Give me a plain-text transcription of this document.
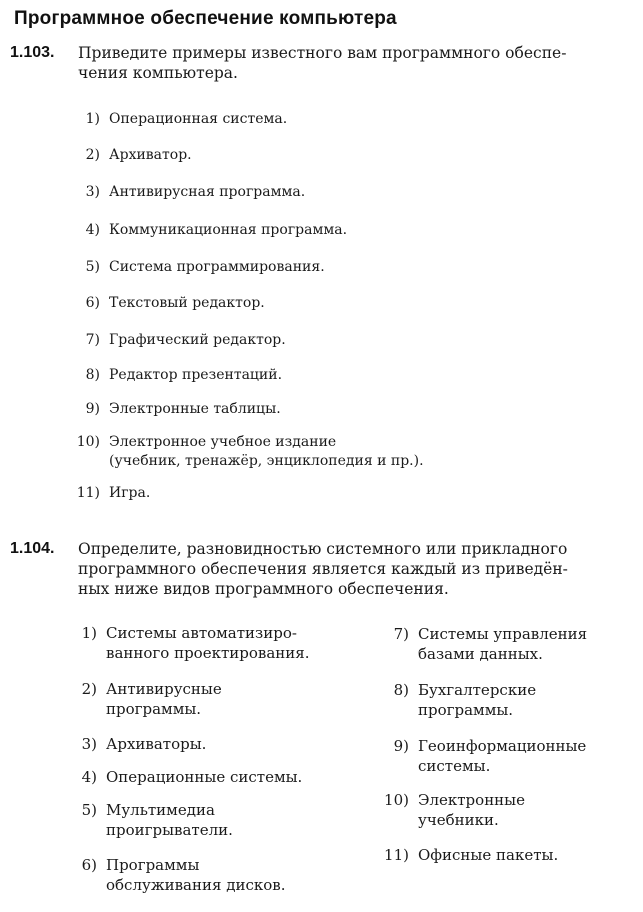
Программное обеспечение компьютера
1.103. Приведите примеры известного вам программного обеспе-
чения компьютера.
1) Операционная система.
2) Архиватор.
3) Антивирусная программа.
4) Коммуникационная программа.
5) Система программирования.
6) Текстовый редактор.
7) Графический редактор.
8) Редактор презентаций.
9) Электронные таблицы.
10) Электронное учебное издание
(учебник, тренажёр, энциклопедия и пр.).
11) Игра.
1.104. Определите, разновидностью системного или прикладного
программного обеспечения является каждый из приведён-
ных ниже видов программного обеспечения.
1) Системы автоматизиро-
ванного проектирования.
2) Антивирусные
программы.
3) Архиваторы.
4) Операционные системы.
5) Мультимедиа
проигрыватели.
6) Программы
обслуживания дисков.
7) Системы управления
базами данных.
8) Бухгалтерские
программы.
9) Геоинформационные
системы.
10) Электронные
учебники.
11) Офисные пакеты.
